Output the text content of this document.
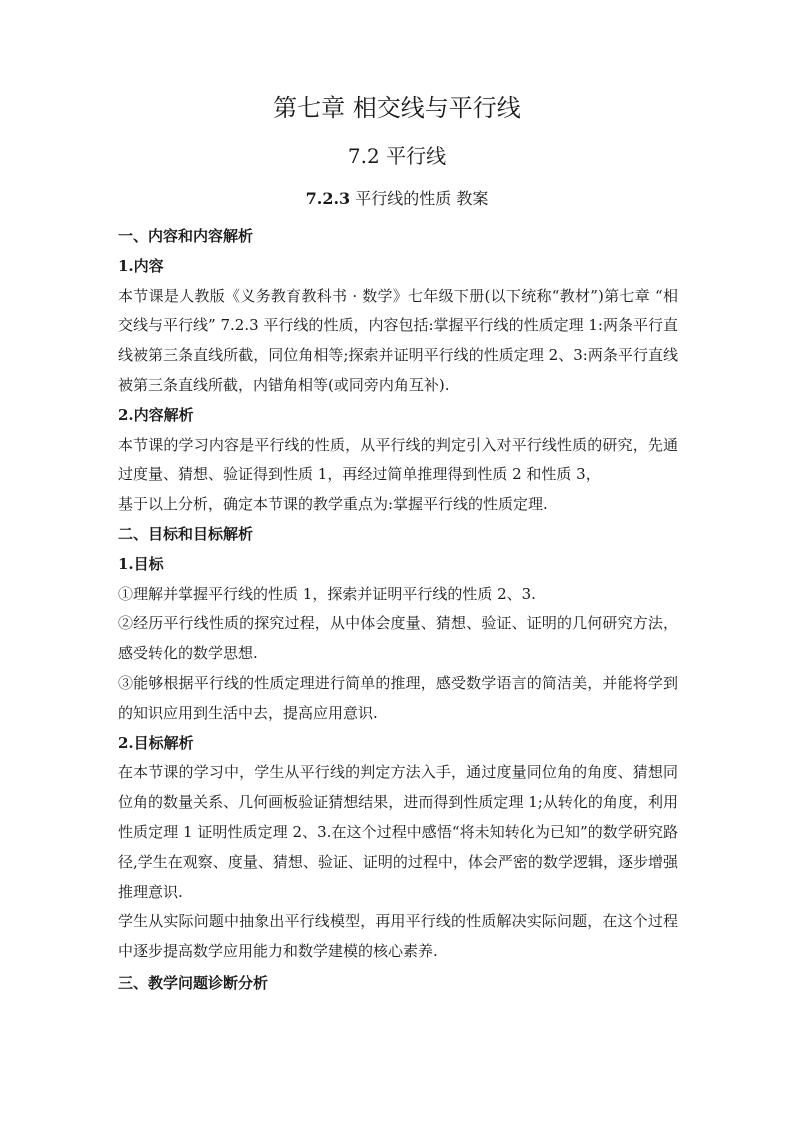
第七章 相交线与平行线
7.2 平行线
7.2.3 平行线的性质 教案
一、内容和内容解析
1.内容

本节课是人教版《义务教育教科书 · 数学》七年级下册(以下统称“教材”)第七章 “相交线与平行线” 7.2.3 平行线的性质，内容包括:掌握平行线的性质定理 1:两条平行直线被第三条直线所截，同位角相等;探索并证明平行线的性质定理 2、3:两条平行直线被第三条直线所截，内错角相等(或同旁内角互补).

2.内容解析

本节课的学习内容是平行线的性质，从平行线的判定引入对平行线性质的研究，先通过度量、猜想、验证得到性质 1，再经过简单推理得到性质 2 和性质 3，

基于以上分析，确定本节课的教学重点为:掌握平行线的性质定理.

二、目标和目标解析
1.目标

①理解并掌握平行线的性质 1，探索并证明平行线的性质 2、3.

②经历平行线性质的探究过程，从中体会度量、猜想、验证、证明的几何研究方法，感受转化的数学思想.

③能够根据平行线的性质定理进行简单的推理，感受数学语言的简洁美，并能将学到的知识应用到生活中去，提高应用意识.

2.目标解析

在本节课的学习中，学生从平行线的判定方法入手，通过度量同位角的角度、猜想同位角的数量关系、几何画板验证猜想结果，进而得到性质定理 1;从转化的角度，利用性质定理 1 证明性质定理 2、3.在这个过程中感悟“将未知转化为已知”的数学研究路径,学生在观察、度量、猜想、验证、证明的过程中，体会严密的数学逻辑，逐步增强推理意识.

学生从实际问题中抽象出平行线模型，再用平行线的性质解决实际问题，在这个过程中逐步提高数学应用能力和数学建模的核心素养.

三、教学问题诊断分析
